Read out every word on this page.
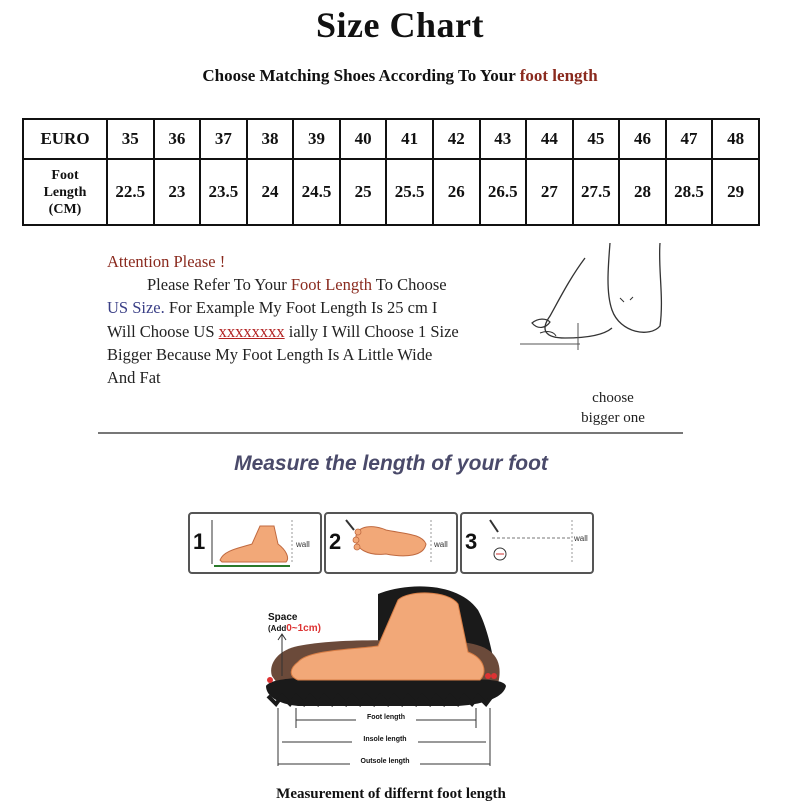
Size Chart
Choose Matching Shoes According To Your foot length
EURO	35	36	37	38	39	40	41	42	43	44	45	46	47	48

Foot
Length
(CM)	22.5	23	23.5	24	24.5	25	25.5	26	26.5	27	27.5	28	28.5	29
Attention Please !
Please Refer To Your Foot Length To Choose
US Size. For Example My Foot Length Is 25 cm I
Will Choose US xxxxxxxx ially I Will Choose 1 Size
Bigger Because My Foot Length Is A Little Wide
And Fat
choose
bigger one
Measure the length of your foot
1	wall 2	wall 3	wall
Space
(Add0~1cm)
Foot length
Insole length
Outsole length
Measurement of differnt foot length
